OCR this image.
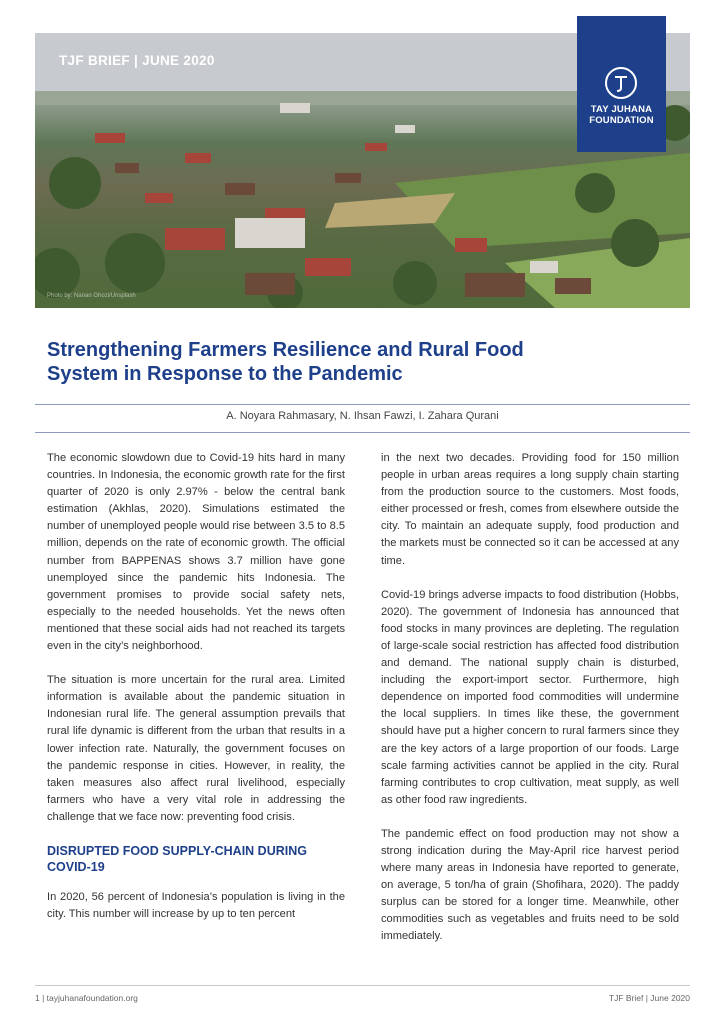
TJF BRIEF | JUNE 2020
Photo by: Nanan Ghozi/Unsplash
TAY JUHANA FOUNDATION
Strengthening Farmers Resilience and Rural Food System in Response to the Pandemic
A. Noyara Rahmasary, N. Ihsan Fawzi, I. Zahara Qurani

The economic slowdown due to Covid-19 hits hard in many countries. In Indonesia, the economic growth rate for the first quarter of 2020 is only 2.97% - below the central bank estimation (Akhlas, 2020). Simulations estimated the number of unemployed people would rise between 3.5 to 8.5 million, depends on the rate of economic growth. The official number from BAPPENAS shows 3.7 million have gone unemployed since the pandemic hits Indonesia. The government promises to provide social safety nets, especially to the needed households. Yet the news often mentioned that these social aids had not reached its targets even in the city’s neighborhood.

The situation is more uncertain for the rural area. Limited information is available about the pandemic situation in Indonesian rural life. The general assumption prevails that rural life dynamic is different from the urban that results in a lower infection rate. Naturally, the government focuses on the pandemic response in cities. However, in reality, the taken measures also affect rural livelihood, especially farmers who have a very vital role in addressing the challenge that we face now: preventing food crisis.

DISRUPTED FOOD SUPPLY-CHAIN DURING COVID-19

In 2020, 56 percent of Indonesia’s population is living in the city. This number will increase by up to ten percent

in the next two decades. Providing food for 150 million people in urban areas requires a long supply chain starting from the production source to the customers. Most foods, either processed or fresh, comes from elsewhere outside the city. To maintain an adequate supply, food production and the markets must be connected so it can be accessed at any time.

Covid-19 brings adverse impacts to food distribution (Hobbs, 2020). The government of Indonesia has announced that food stocks in many provinces are depleting. The regulation of large-scale social restriction has affected food distribution and demand. The national supply chain is disturbed, including the export-import sector. Furthermore, high dependence on imported food commodities will undermine the local suppliers. In times like these, the government should have put a higher concern to rural farmers since they are the key actors of a large proportion of our foods. Large scale farming activities cannot be applied in the city. Rural farming contributes to crop cultivation, meat supply, as well as other food raw ingredients.

The pandemic effect on food production may not show a strong indication during the May-April rice harvest period where many areas in Indonesia have reported to generate, on average, 5 ton/ha of grain (Shofihara, 2020). The paddy surplus can be stored for a longer time. Meanwhile, other commodities such as vegetables and fruits need to be sold immediately.

1 | tayjuhanafoundation.org	TJF Brief | June 2020
